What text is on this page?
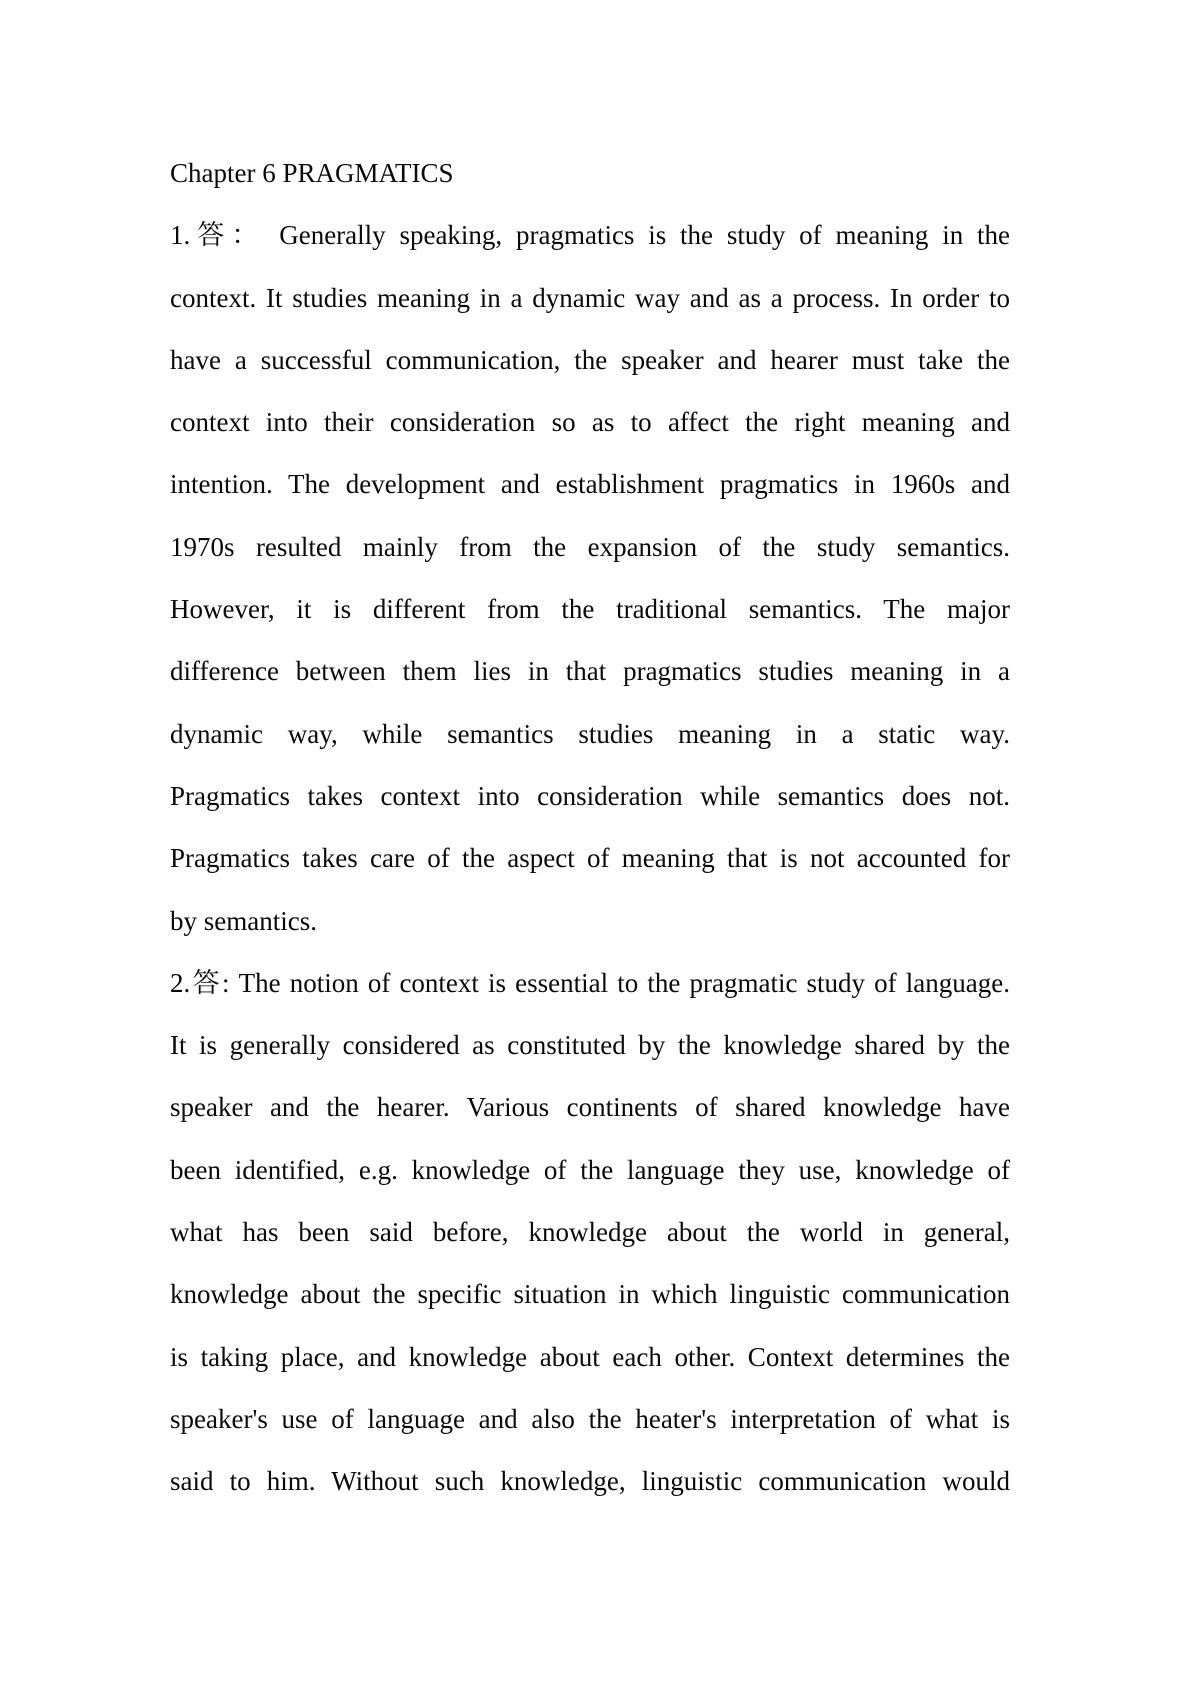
Chapter 6 PRAGMATICS
1.答： Generally speaking, pragmatics is the study of meaning in the
context. It studies meaning in a dynamic way and as a process. In order to
have a successful communication, the speaker and hearer must take the
context into their consideration so as to affect the right meaning and
intention. The development and establishment pragmatics in 1960s and
1970s resulted mainly from the expansion of the study semantics.
However, it is different from the traditional semantics. The major
difference between them lies in that pragmatics studies meaning in a
dynamic way, while semantics studies meaning in a static way.
Pragmatics takes context into consideration while semantics does not.
Pragmatics takes care of the aspect of meaning that is not accounted for
by semantics.
2.答: The notion of context is essential to the pragmatic study of language.
It is generally considered as constituted by the knowledge shared by the
speaker and the hearer. Various continents of shared knowledge have
been identified, e.g. knowledge of the language they use, knowledge of
what has been said before, knowledge about the world in general,
knowledge about the specific situation in which linguistic communication
is taking place, and knowledge about each other. Context determines the
speaker's use of language and also the heater's interpretation of what is
said to him. Without such knowledge, linguistic communication would
